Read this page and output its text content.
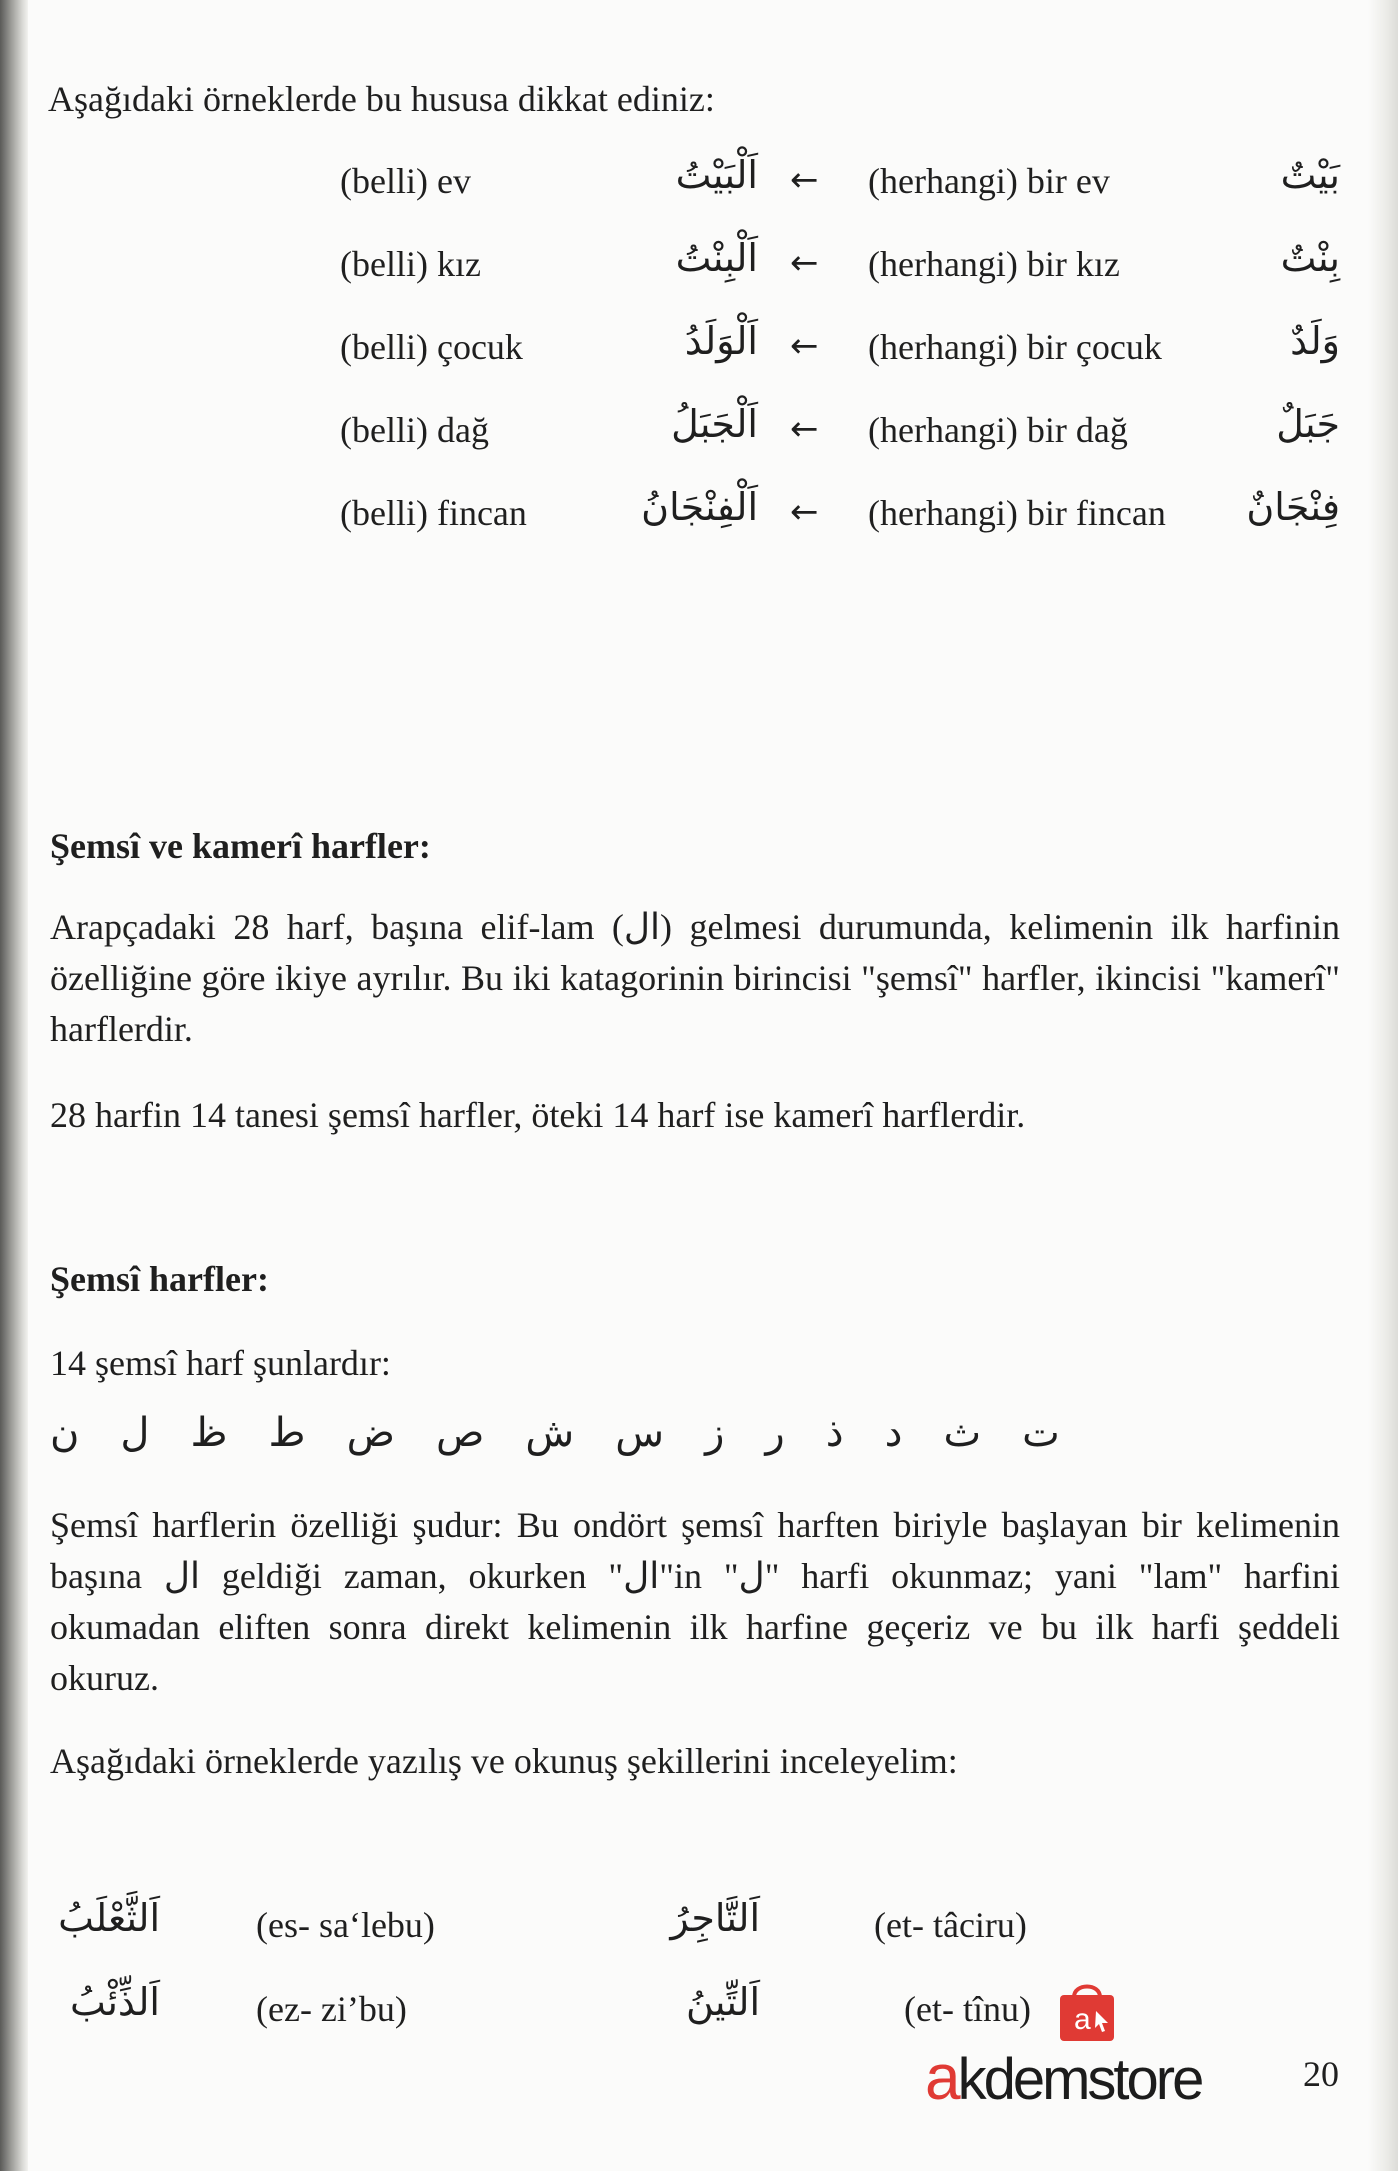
Aşağıdaki örneklerde bu hususa dikkat ediniz:
(belli) ev	اَلْبَيْتُ ← (herhangi) bir ev	بَيْتٌ
(belli) kız	اَلْبِنْتُ ← (herhangi) bir kız	بِنْتٌ
(belli) çocuk	اَلْوَلَدُ ← (herhangi) bir çocuk	وَلَدٌ
(belli) dağ	اَلْجَبَلُ ← (herhangi) bir dağ	جَبَلٌ
(belli) fincan	اَلْفِنْجَانُ ← (herhangi) bir fincan	فِنْجَانٌ
Şemsî ve kamerî harfler:
Arapçadaki 28 harf, başına elif-lam (ال) gelmesi durumunda, kelimenin ilk harfinin özelliğine göre ikiye ayrılır. Bu iki katagorinin birincisi "şemsî" harfler, ikincisi "kamerî" harflerdir.
28 harfin 14 tanesi şemsî harfler, öteki 14 harf ise kamerî harflerdir.
Şemsî harfler:
14 şemsî harf şunlardır:
ت
ث
د
ذ
ر
ز
س
ش
ص
ض
ط
ظ
ل
ن
Şemsî harflerin özelliği şudur: Bu ondört şemsî harften biriyle başlayan bir kelimenin başına ال geldiği zaman, okurken "ال"in "ل" harfi okunmaz; yani "lam" harfini okumadan eliften sonra direkt kelimenin ilk harfine geçeriz ve bu ilk harfi şeddeli okuruz.
Aşağıdaki örneklerde yazılış ve okunuş şekillerini inceleyelim:
اَلثَّعْلَبُ	(es- sa‘lebu)	اَلتَّاجِرُ	(et- tâciru)
اَلذِّئْبُ	(ez- zi’bu)	اَلتِّينُ	(et- tînu) a
akdemstore	20
